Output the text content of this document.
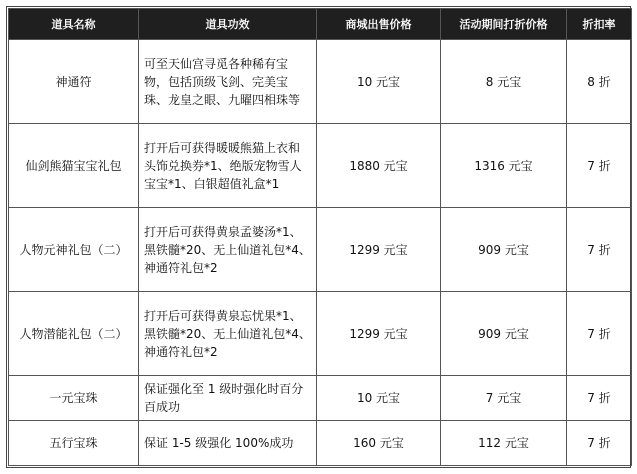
道具名称	道具功效	商城出售价格	活动期间打折价格	折扣率
神通符	可至天仙宫寻觅各种稀有宝物，包括顶级飞剑、完美宝珠、龙皇之眼、九曜四相珠等	10 元宝	8 元宝	8 折
仙剑熊猫宝宝礼包	打开后可获得暖暖熊猫上衣和头饰兑换券*1、绝版宠物雪人宝宝*1、白银超值礼盒*1	1880 元宝	1316 元宝	7 折
人物元神礼包（二）	打开后可获得黄泉孟婆汤*1、黑铁髓*20、无上仙道礼包*4、神通符礼包*2	1299 元宝	909 元宝	7 折
人物潜能礼包（二）	打开后可获得黄泉忘忧果*1、黑铁髓*20、无上仙道礼包*4、神通符礼包*2	1299 元宝	909 元宝	7 折
一元宝珠	保证强化至 1 级时强化时百分百成功	10 元宝	7 元宝	7 折
五行宝珠	保证 1-5 级强化 100%成功	160 元宝	112 元宝	7 折
